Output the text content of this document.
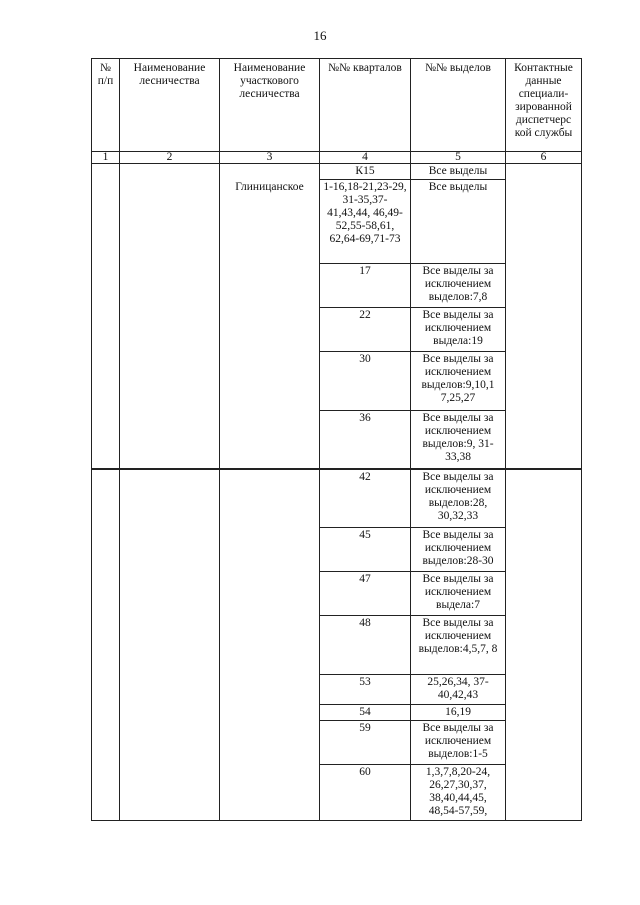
16
№ п/п	Наименование лесничества	Наименование участкового лесничества	№№ кварталов	№№ выделов	Контактные данные специали-зированной диспетчерс кой службы
1	2	3	4	5	6
			К15	Все выделы	
		Глиницанское	1-16,18-21,23-29, 31-35,37-41,43,44, 46,49-52,55-58,61, 62,64-69,71-73	Все выделы	
			17	Все выделы за исключением выделов:7,8	
			22	Все выделы за исключением выдела:19	
			30	Все выделы за исключением выделов:9,10,1 7,25,27	
			36	Все выделы за исключением выделов:9, 31-33,38	
			42	Все выделы за исключением выделов:28, 30,32,33	
			45	Все выделы за исключением выделов:28-30	
			47	Все выделы за исключением выдела:7	
			48	Все выделы за исключением выделов:4,5,7, 8	
			53	25,26,34, 37-40,42,43	
			54	16,19	
			59	Все выделы за исключением выделов:1-5	
			60	1,3,7,8,20-24, 26,27,30,37, 38,40,44,45, 48,54-57,59,	
